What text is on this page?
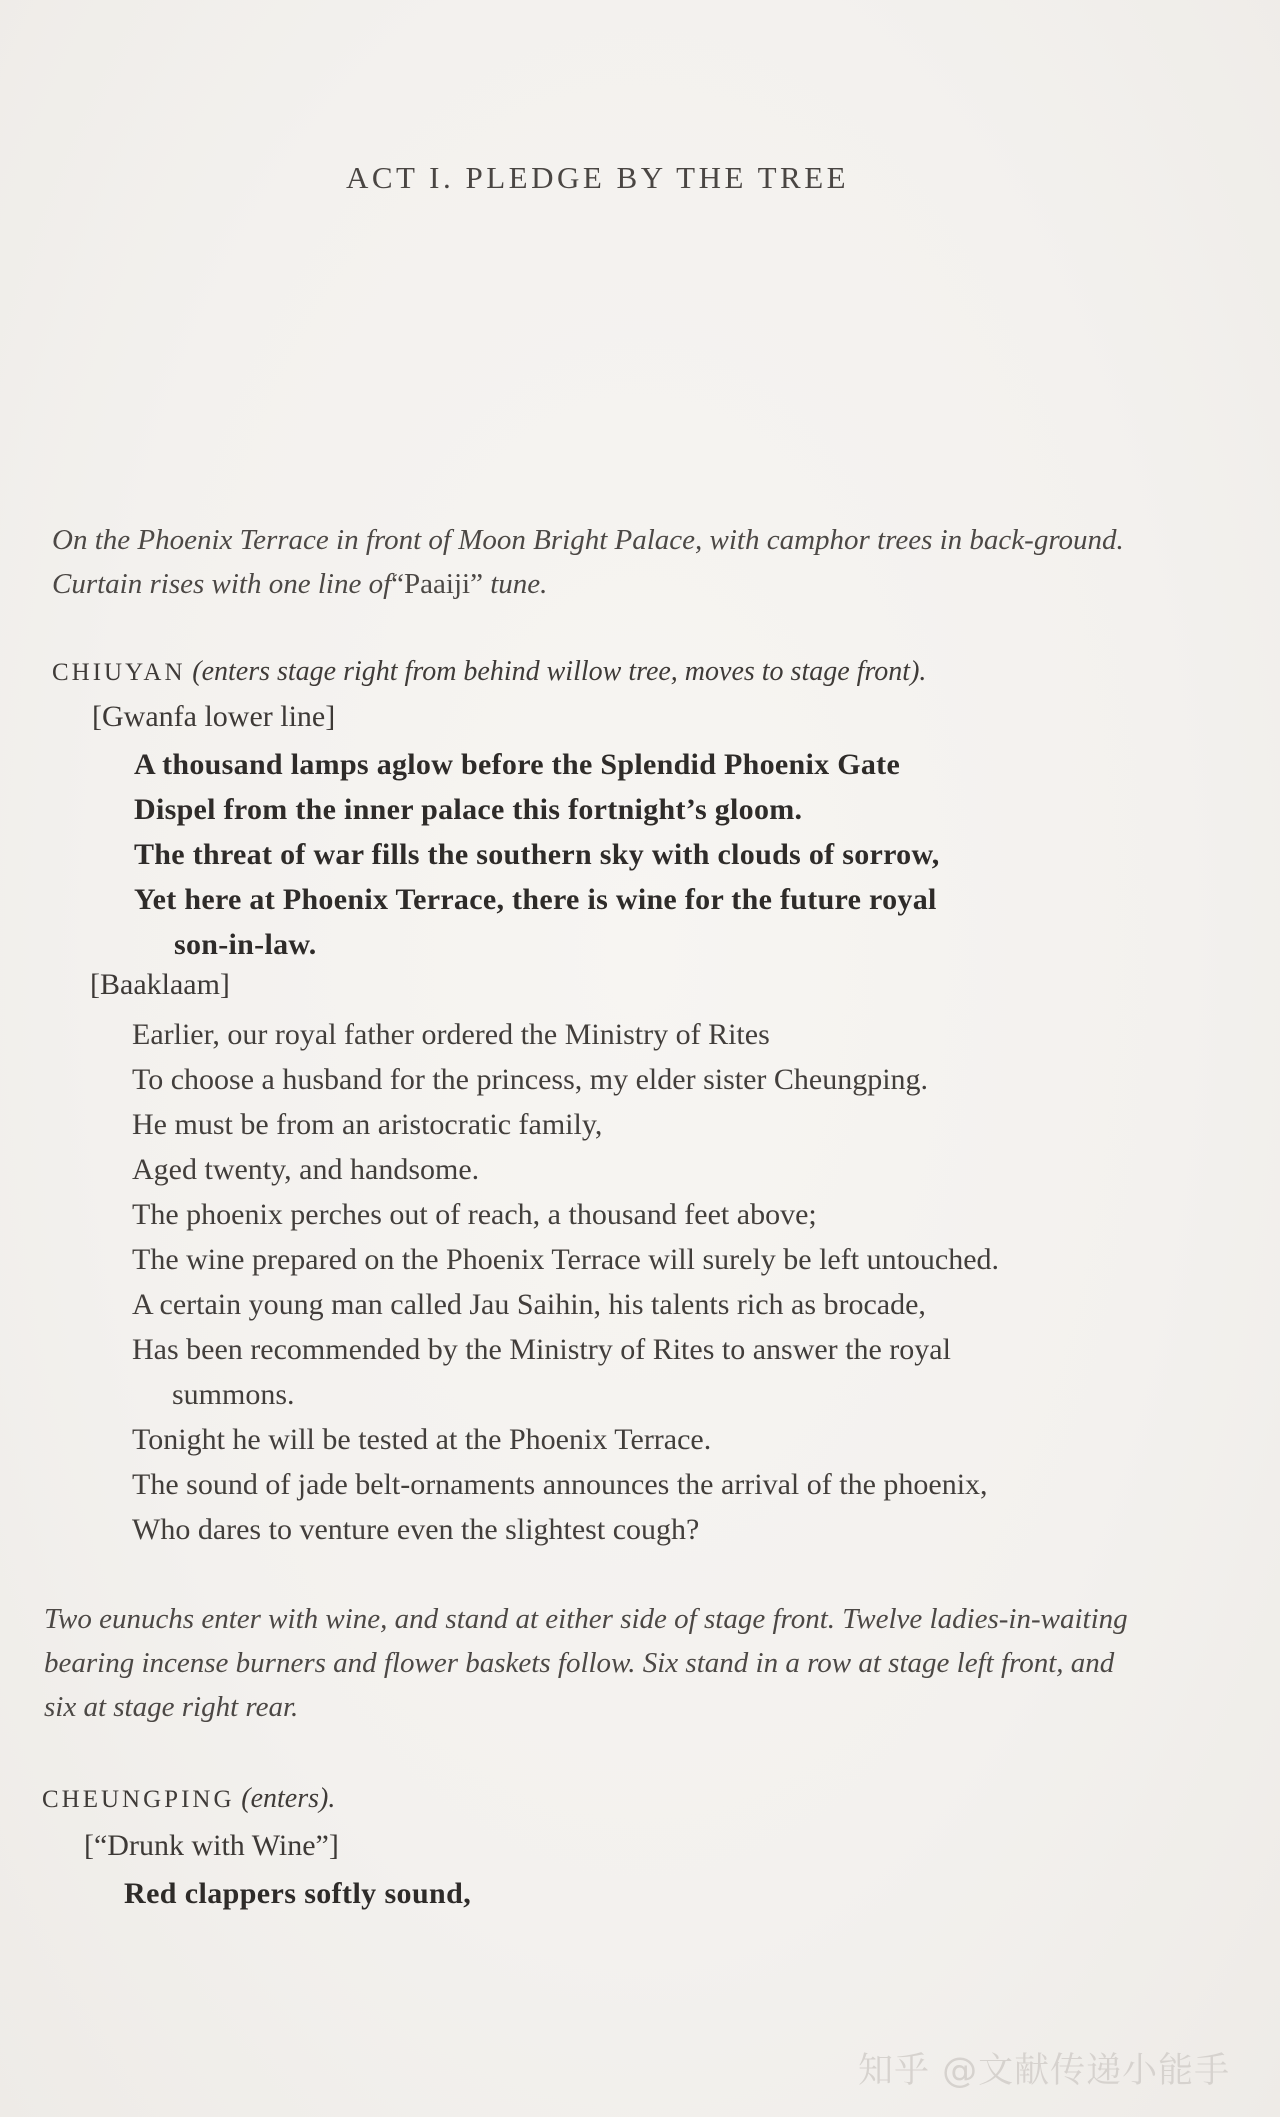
ACT I. PLEDGE BY THE TREE

On the Phoenix Terrace in front of Moon Bright Palace, with camphor trees in back-ground. Curtain rises with one line of“Paaiji” tune.

CHIUYAN (enters stage right from behind willow tree, moves to stage front).
[Gwanfa lower line]
A thousand lamps aglow before the Splendid Phoenix Gate
Dispel from the inner palace this fortnight’s gloom.
The threat of war fills the southern sky with clouds of sorrow,
Yet here at Phoenix Terrace, there is wine for the future royal
son-in-law.
[Baaklaam]
Earlier, our royal father ordered the Ministry of Rites
To choose a husband for the princess, my elder sister Cheungping.
He must be from an aristocratic family,
Aged twenty, and handsome.
The phoenix perches out of reach, a thousand feet above;
The wine prepared on the Phoenix Terrace will surely be left untouched.
A certain young man called Jau Saihin, his talents rich as brocade,
Has been recommended by the Ministry of Rites to answer the royal
summons.
Tonight he will be tested at the Phoenix Terrace.
The sound of jade belt-ornaments announces the arrival of the phoenix,
Who dares to venture even the slightest cough?

Two eunuchs enter with wine, and stand at either side of stage front. Twelve ladies-in-waiting bearing incense burners and flower baskets follow. Six stand in a row at stage left front, and six at stage right rear.

CHEUNGPING (enters).
[“Drunk with Wine”]
Red clappers softly sound,
知乎 @文献传递小能手
